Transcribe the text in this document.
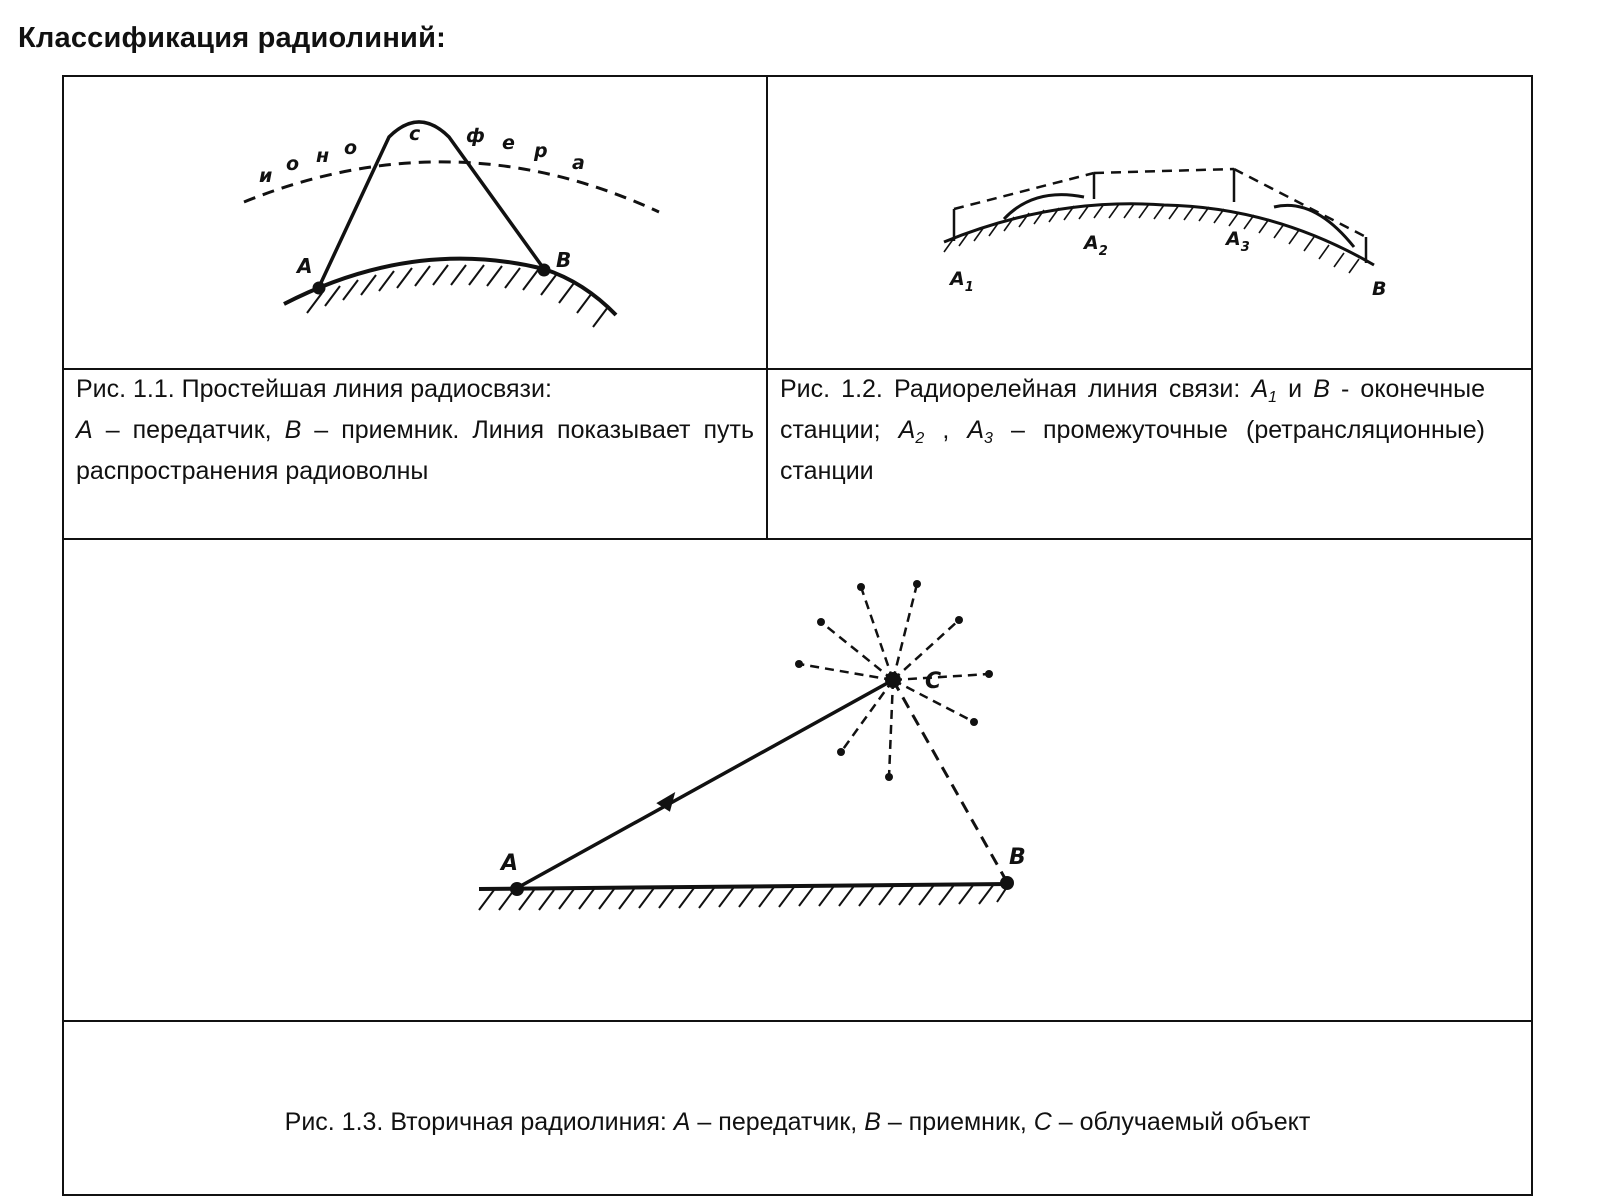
Классификация радиолиний:
A	B
и
о н о
с ф е р
а
$A_1$
$A_2$
$A_3$
B

Рис. 1.1. Простейшая линия радиосвязи:

A – передатчик, B – приемник. Линия показывает путь распространения радиоволны

Рис. 1.2. Радиорелейная линия связи: $A_1$ и B - оконечные станции; $A_2$ , $A_3$ – промежуточные (ретрансляционные) станции

A	B
C

Рис. 1.3. Вторичная радиолиния: A – передатчик, B – приемник, C – облучаемый объект
